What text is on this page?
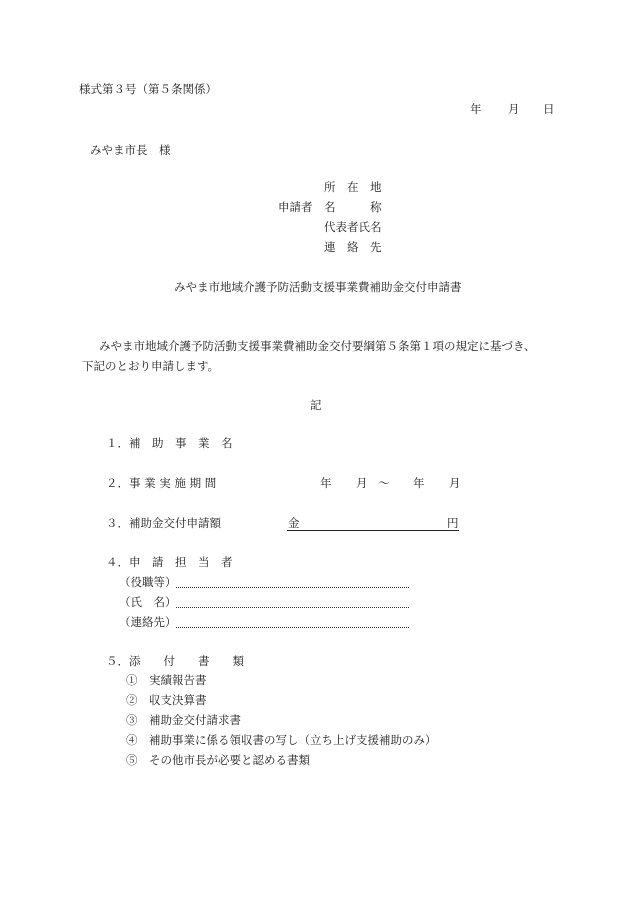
様式第３号（第５条関係）
年 月 日
みやま市長　様
所　在　地
申請者 名　　　称
代表者氏名
連　絡　先
みやま市地域介護予防活動支援事業費補助金交付申請書
みやま市地域介護予防活動支援事業費補助金交付要綱第５条第１項の規定に基づき、
下記のとおり申請します。
記
１．補　助　事　業　名
２．事 業 実 施 期 間	年 月 ～ 年 月
３．補助金交付申請額	金	円
４．申　請　担　当　者
（役職等）
（氏　名）
（連絡先）
５．添　　付　　書　　類
①　実績報告書
②　収支決算書
③　補助金交付請求書
④　補助事業に係る領収書の写し（立ち上げ支援補助のみ）
⑤　その他市長が必要と認める書類
